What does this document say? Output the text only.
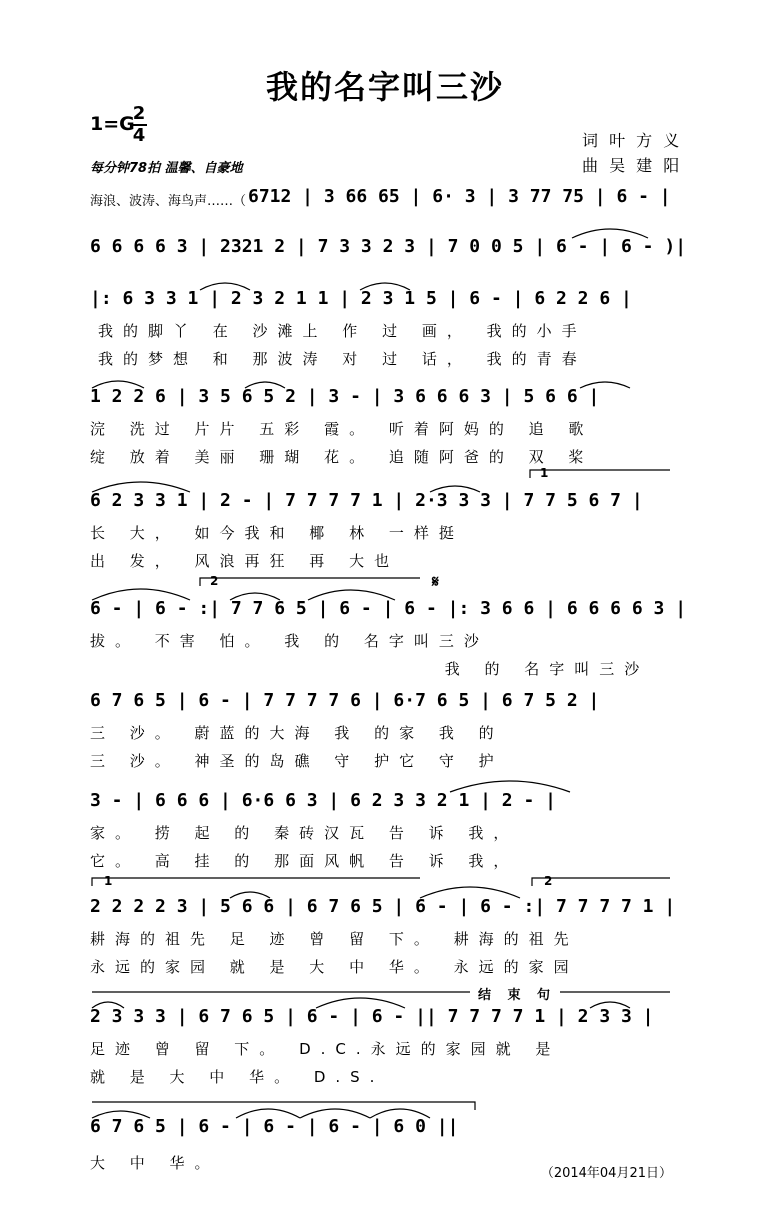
我的名字叫三沙
1=G
2
4
每分钟78拍 温馨、自豪地
词 叶 方 义
曲 吴 建 阳
海浪、波涛、海鸟声……（ 6712 | 3 66 65 | 6· 3 | 3 77 75 | 6 - |
6 6 6 6 3 | 2321 2 | 7 3 3 2 3 | 7 0 0 5 | 6 - | 6 - )|
|: 6 3 3 1 | 2 3 2 1 1 | 2 3 1 5 | 6 - | 6 2 2 6 |
我的脚丫 在 沙滩上 作 过 画， 我的小手
我的梦想 和 那波涛 对 过 话， 我的青春
1 2 2 6 | 3 5 6 5 2 | 3 - | 3 6 6 6 3 | 5 6 6 |
浣 洗过 片片 五彩 霞。 听着阿妈的 追 歌
绽 放着 美丽 珊瑚 花。 追随阿爸的 双 桨
6 2 3 3 1 | 2 - | 7 7 7 7 1 | 2·3 3 3 | 7 7 5 6 7 |
长 大， 如今我和 椰 林 一样挺
出 发， 风浪再狂 再 大也
6 - | 6 - :| 7 7 6 5 | 6 - | 6 - |: 3 6 6 | 6 6 6 6 3 |
拔。 不害 怕。 我 的 名字叫三沙
我 的 名字叫三沙
6 7 6 5 | 6 - | 7 7 7 7 6 | 6·7 6 5 | 6 7 5 2 |
三 沙。 蔚蓝的大海 我 的家 我 的
三 沙。 神圣的岛礁 守 护它 守 护
3 - | 6 6 6 | 6·6 6 3 | 6 2 3 3 2 1 | 2 - |
家。 捞 起 的 秦砖汉瓦 告 诉 我，
它。 高 挂 的 那面风帆 告 诉 我，
2 2 2 2 3 | 5 6 6 | 6 7 6 5 | 6 - | 6 - :| 7 7 7 7 1 |
耕海的祖先 足 迹 曾 留 下。 耕海的祖先
永远的家园 就 是 大 中 华。 永远的家园
2 3 3 3 | 6 7 6 5 | 6 - | 6 - || 7 7 7 7 1 | 2 3 3 |
足迹 曾 留 下。 D.C.永远的家园就 是
就 是 大 中 华。 D.S.
6 7 6 5 | 6 - | 6 - | 6 - | 6 0 ||
大 中 华。
1
2	𝄋
1	2
结 束 句
（2014年04月21日）
